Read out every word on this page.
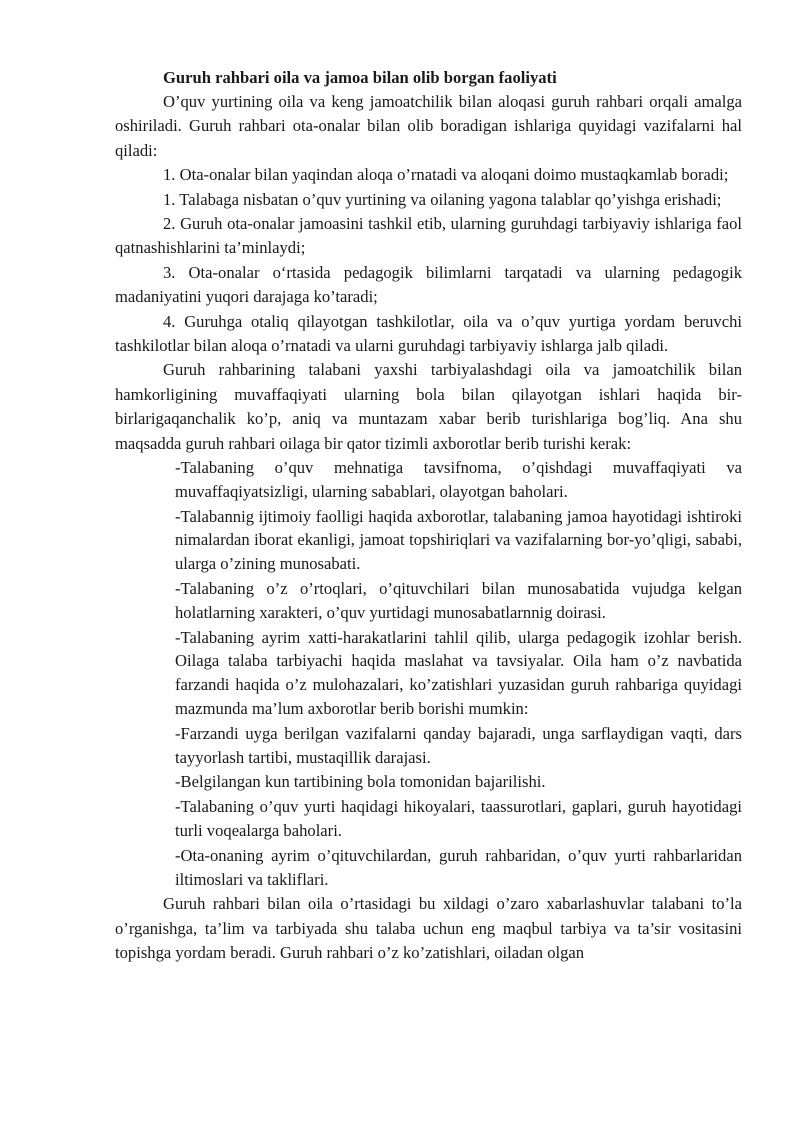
Guruh rahbari oila va jamoa bilan olib borgan faoliyati

O’quv yurtining oila va keng jamoatchilik bilan aloqasi guruh rahbari orqali amalga oshiriladi. Guruh rahbari ota-onalar bilan olib boradigan ishlariga quyidagi vazifalarni hal qiladi:

1. Ota-onalar bilan yaqindan aloqa o’rnatadi va aloqani doimo mustaqkamlab boradi;

1. Talabaga nisbatan o’quv yurtining va oilaning yagona talablar qo’yishga erishadi;

2. Guruh ota-onalar jamoasini tashkil etib, ularning guruhdagi tarbiyaviy ishlariga faol qatnashishlarini ta’minlaydi;

3. Ota-onalar o‘rtasida pedagogik bilimlarni tarqatadi va ularning pedagogik madaniyatini yuqori darajaga ko’taradi;

4. Guruhga otaliq qilayotgan tashkilotlar, oila va o’quv yurtiga yordam beruvchi tashkilotlar bilan aloqa o’rnatadi va ularni guruhdagi tarbiyaviy ishlarga jalb qiladi.

Guruh rahbarining talabani yaxshi tarbiyalashdagi oila va jamoatchilik bilan hamkorligining muvaffaqiyati ularning bola bilan qilayotgan ishlari haqida bir-birlarigaqanchalik ko’p, aniq va muntazam xabar berib turishlariga bog’liq. Ana shu maqsadda guruh rahbari oilaga bir qator tizimli axborotlar berib turishi kerak:

-Talabaning o’quv mehnatiga tavsifnoma, o’qishdagi muvaffaqiyati va muvaffaqiyatsizligi, ularning sabablari, olayotgan baholari.

-Talabannig ijtimoiy faolligi haqida axborotlar, talabaning jamoa hayotidagi ishtiroki nimalardan iborat ekanligi, jamoat topshiriqlari va vazifalarning bor-yo’qligi, sababi, ularga o’zining munosabati.

-Talabaning o’z o’rtoqlari, o’qituvchilari bilan munosabatida vujudga kelgan holatlarning xarakteri, o’quv yurtidagi munosabatlarnnig doirasi.

-Talabaning ayrim xatti-harakatlarini tahlil qilib, ularga pedagogik izohlar berish. Oilaga talaba tarbiyachi haqida maslahat va tavsiyalar. Oila ham o’z navbatida farzandi haqida o’z mulohazalari, ko’zatishlari yuzasidan guruh rahbariga quyidagi mazmunda ma’lum axborotlar berib borishi mumkin:

-Farzandi uyga berilgan vazifalarni qanday bajaradi, unga sarflaydigan vaqti, dars tayyorlash tartibi, mustaqillik darajasi.

-Belgilangan kun tartibining bola tomonidan bajarilishi.

-Talabaning o’quv yurti haqidagi hikoyalari, taassurotlari, gaplari, guruh hayotidagi turli voqealarga baholari.

-Ota-onaning ayrim o’qituvchilardan, guruh rahbaridan, o’quv yurti rahbarlaridan iltimoslari va takliflari.

Guruh rahbari bilan oila o’rtasidagi bu xildagi o’zaro xabarlashuvlar talabani to’la o’rganishga, ta’lim va tarbiyada shu talaba uchun eng maqbul tarbiya va ta’sir vositasini topishga yordam beradi. Guruh rahbari o’z ko’zatishlari, oiladan olgan
